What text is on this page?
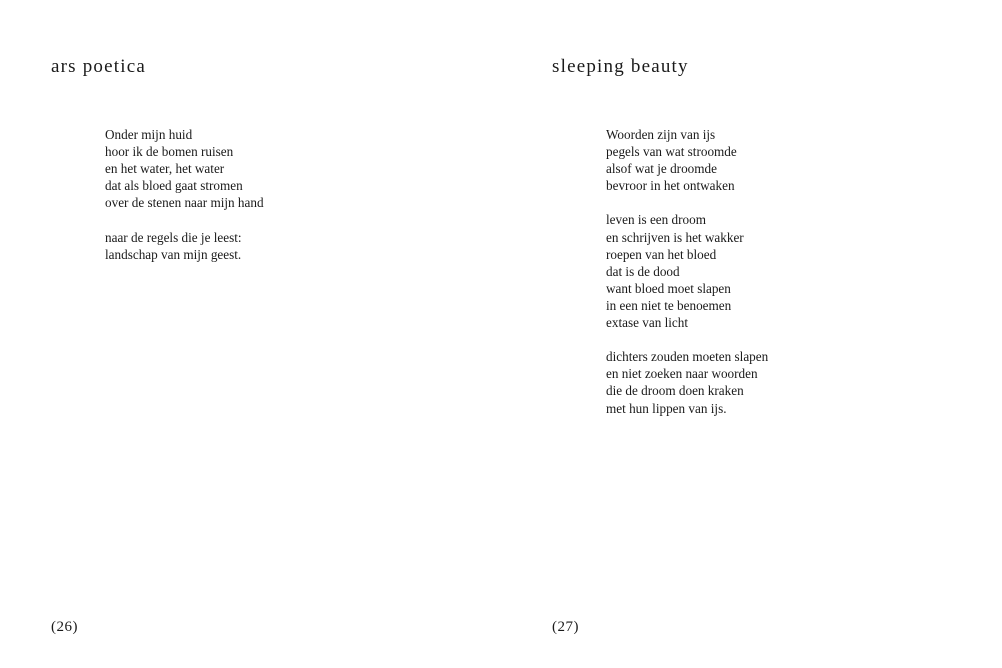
ars poetica

Onder mijn huid
hoor ik de bomen ruisen
en het water, het water
dat als bloed gaat stromen
over de stenen naar mijn hand

naar de regels die je leest:
landschap van mijn geest.

(26)
sleeping beauty

Woorden zijn van ijs
pegels van wat stroomde
alsof wat je droomde
bevroor in het ontwaken

leven is een droom
en schrijven is het wakker
roepen van het bloed
dat is de dood
want bloed moet slapen
in een niet te benoemen
extase van licht

dichters zouden moeten slapen
en niet zoeken naar woorden
die de droom doen kraken
met hun lippen van ijs.

(27)
